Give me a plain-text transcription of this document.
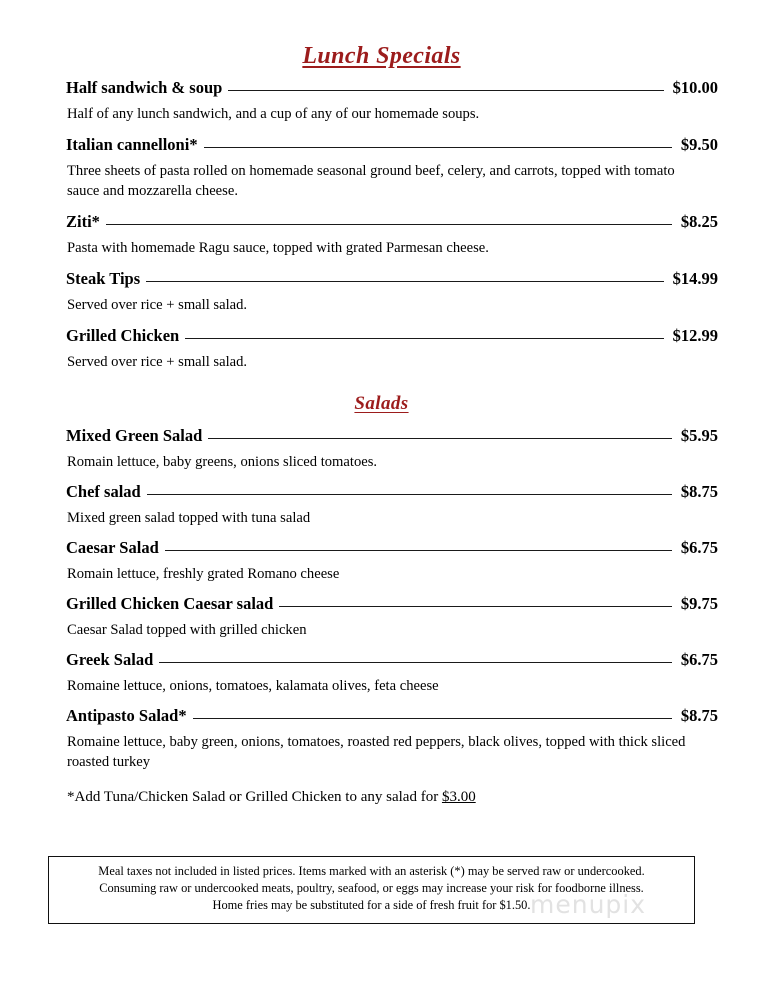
Lunch Specials
Half sandwich & soup	$10.00
Half of any lunch sandwich, and a cup of any of our homemade soups.
Italian cannelloni*	$9.50
Three sheets of pasta rolled on homemade seasonal ground beef, celery, and carrots, topped with tomato sauce and mozzarella cheese.
Ziti*	$8.25
Pasta with homemade Ragu sauce, topped with grated Parmesan cheese.
Steak Tips	$14.99
Served over rice + small salad.
Grilled Chicken	$12.99
Served over rice + small salad.
Salads
Mixed Green Salad	$5.95
Romain lettuce, baby greens, onions sliced tomatoes.
Chef salad	$8.75
Mixed green salad topped with tuna salad
Caesar Salad	$6.75
Romain lettuce, freshly grated Romano cheese
Grilled Chicken Caesar salad	$9.75
Caesar Salad topped with grilled chicken
Greek Salad	$6.75
Romaine lettuce, onions, tomatoes, kalamata olives, feta cheese
Antipasto Salad*	$8.75
Romaine lettuce, baby green, onions, tomatoes, roasted red peppers, black olives, topped with thick sliced roasted turkey
*Add Tuna/Chicken Salad or Grilled Chicken to any salad for $3.00

Meal taxes not included in listed prices. Items marked with an asterisk (*) may be served raw or undercooked.

Consuming raw or undercooked meats, poultry, seafood, or eggs may increase your risk for foodborne illness.

Home fries may be substituted for a side of fresh fruit for $1.50. menupix
